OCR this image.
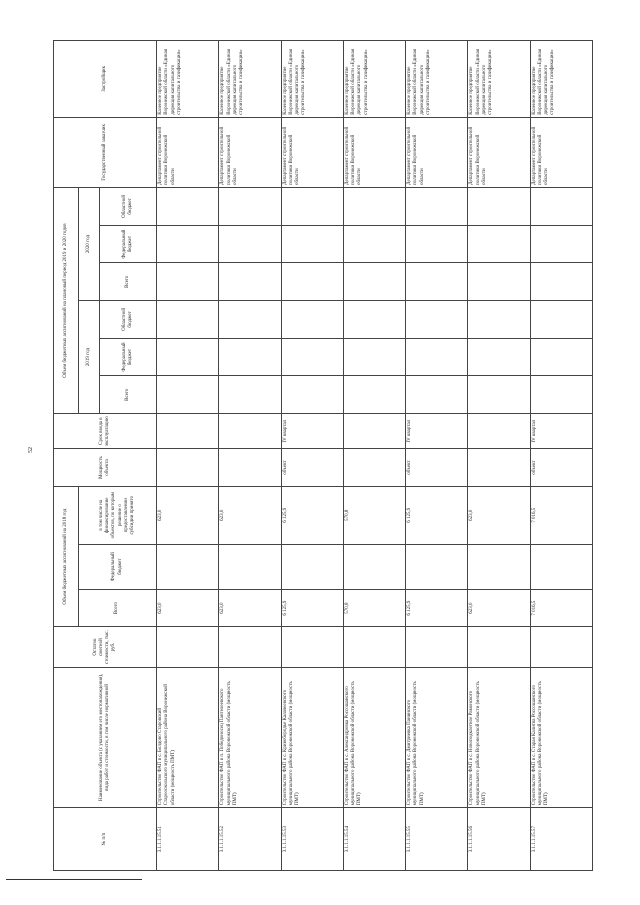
52
№ п/п	Наименование объекта (с указанием его местонахождения), вида работ и стоимости, в том числе нормативной	Остаток сметной стоимости, тыс. руб.	Объем бюджетных ассигнований на 2018 год			Мощность объекта	Срок ввода в эксплуатацию	Объем бюджетных ассигнований на плановый период 2019 и 2020 годов						Государственный заказчик	Застройщик
			Всего	Федеральный бюджет	в том числе на финансирование объектов, по которым решение о предоставлении субсидии принято			2019 год			2020 год				
								Всего	Федеральный бюджет	Областной бюджет	Всего	Федеральный бюджет	Областной бюджет		
3.1.1.1.15.51	Строительство ФАП в с. Болдово Старовский Старооскольского муниципального района Воронежской области (мощность ПМТ)		623,0		623,0									Департамент строительной политики Воронежской области	Казенное предприятие Воронежской области «Единая дирекция капитального строительства и газификации»
3.1.1.1.15.52	Строительство ФАП в п. Победоносец Пантелеевского муниципального района Воронежской области (мощность ПМТ)		623,0		623,0									Департамент строительной политики Воронежской области	Казенное предприятие Воронежской области «Единая дирекция капитального строительства и газификации»
3.1.1.1.15.53	Строительство ФАП в с. Кривобородье Калачеевского муниципального района Воронежской области (мощность ПМТ)		6 125,9		6 125,9	объект	IV квартал							Департамент строительной политики Воронежской области	Казенное предприятие Воронежской области «Единая дирекция капитального строительства и газификации»
3.1.1.1.15.54	Строительство ФАП в с. Александровка Россошанского муниципального района Воронежской области (мощность ПМТ)		570,8		570,8									Департамент строительной политики Воронежской области	Казенное предприятие Воронежской области «Единая дирекция капитального строительства и газификации»
3.1.1.1.15.55	Строительство ФАП в с. Дмитриевка Панинского муниципального района Воронежской области (мощность ПМТ)		6 125,9		6 125,9	объект	IV квартал							Департамент строительной политики Воронежской области	Казенное предприятие Воронежской области «Единая дирекция капитального строительства и газификации»
3.1.1.1.15.56	Строительство ФАП в с. Новоподклетное Рамонского муниципального района Воронежской области (мощность ПМТ)		623,0		623,0									Департамент строительной политики Воронежской области	Казенное предприятие Воронежской области «Единая дирекция капитального строительства и газификации»
3.1.1.1.15.57	Строительство ФАП в с. Старая Калитва Россошанского муниципального района Воронежской области (мощность ПМТ)		7 016,5		7 016,5	объект	IV квартал							Департамент строительной политики Воронежской области	Казенное предприятие Воронежской области «Единая дирекция капитального строительства и газификации»
